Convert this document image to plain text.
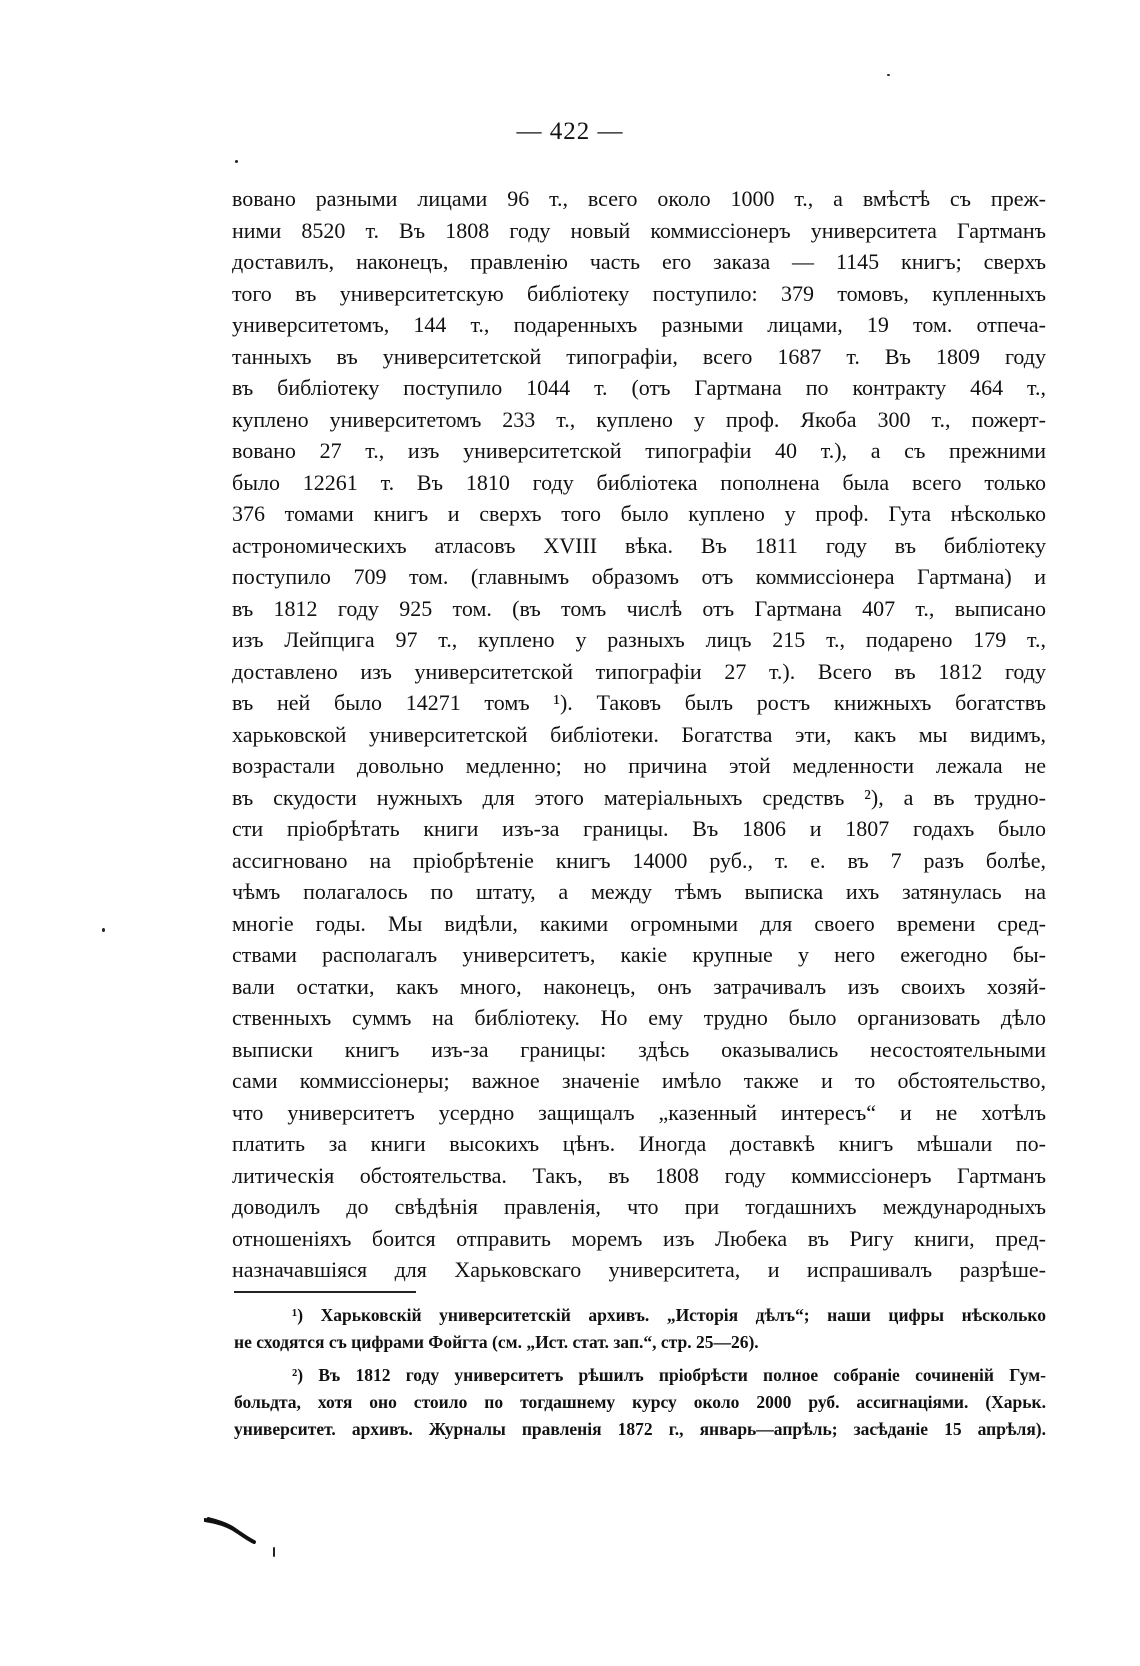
— 422 —
вовано разными лицами 96 т., всего около 1000 т., а вмѣстѣ съ преж-
ними 8520 т. Въ 1808 году новый коммиссіонеръ университета Гартманъ
доставилъ, наконецъ, правленію часть его заказа — 1145 книгъ; сверхъ
того въ университетскую библіотеку поступило: 379 томовъ, купленныхъ
университетомъ, 144 т., подаренныхъ разными лицами, 19 том. отпеча-
танныхъ въ университетской типографіи, всего 1687 т. Въ 1809 году
въ библіотеку поступило 1044 т. (отъ Гартмана по контракту 464 т.,
куплено университетомъ 233 т., куплено у проф. Якоба 300 т., пожерт-
вовано 27 т., изъ университетской типографіи 40 т.), а съ прежними
было 12261 т. Въ 1810 году библіотека пополнена была всего только
376 томами книгъ и сверхъ того было куплено у проф. Гута нѣсколько
астрономическихъ атласовъ XVIII вѣка. Въ 1811 году въ библіотеку
поступило 709 том. (главнымъ образомъ отъ коммиссіонера Гартмана) и
въ 1812 году 925 том. (въ томъ числѣ отъ Гартмана 407 т., выписано
изъ Лейпцига 97 т., куплено у разныхъ лицъ 215 т., подарено 179 т.,
доставлено изъ университетской типографіи 27 т.). Всего въ 1812 году
въ ней было 14271 томъ ¹). Таковъ былъ ростъ книжныхъ богатствъ
харьковской университетской библіотеки. Богатства эти, какъ мы видимъ,
возрастали довольно медленно; но причина этой медленности лежала не
въ скудости нужныхъ для этого матеріальныхъ средствъ ²), а въ трудно-
сти пріобрѣтать книги изъ-за границы. Въ 1806 и 1807 годахъ было
ассигновано на пріобрѣтеніе книгъ 14000 руб., т. е. въ 7 разъ болѣе,
чѣмъ полагалось по штату, а между тѣмъ выписка ихъ затянулась на
многіе годы. Мы видѣли, какими огромными для своего времени сред-
ствами располагалъ университетъ, какіе крупные у него ежегодно бы-
вали остатки, какъ много, наконецъ, онъ затрачивалъ изъ своихъ хозяй-
ственныхъ суммъ на библіотеку. Но ему трудно было организовать дѣло
выписки книгъ изъ-за границы: здѣсь оказывались несостоятельными
сами коммиссіонеры; важное значеніе имѣло также и то обстоятельство,
что университетъ усердно защищалъ „казенный интересъ“ и не хотѣлъ
платить за книги высокихъ цѣнъ. Иногда доставкѣ книгъ мѣшали по-
литическія обстоятельства. Такъ, въ 1808 году коммиссіонеръ Гартманъ
доводилъ до свѣдѣнія правленія, что при тогдашнихъ международныхъ
отношеніяхъ боится отправить моремъ изъ Любека въ Ригу книги, пред-
назначавшіяся для Харьковскаго университета, и испрашивалъ разрѣше-
¹) Харьковскій университетскій архивъ. „Исторія дѣлъ“; наши цифры нѣсколько
не сходятся съ цифрами Фойгта (см. „Ист. стат. зап.“, стр. 25—26).
²) Въ 1812 году университетъ рѣшилъ пріобрѣсти полное собраніе сочиненій Гум-
больдта, хотя оно стоило по тогдашнему курсу около 2000 руб. ассигнаціями. (Харьк.
университет. архивъ. Журналы правленія 1872 г., январь—апрѣль; засѣданіе 15 апрѣля).
